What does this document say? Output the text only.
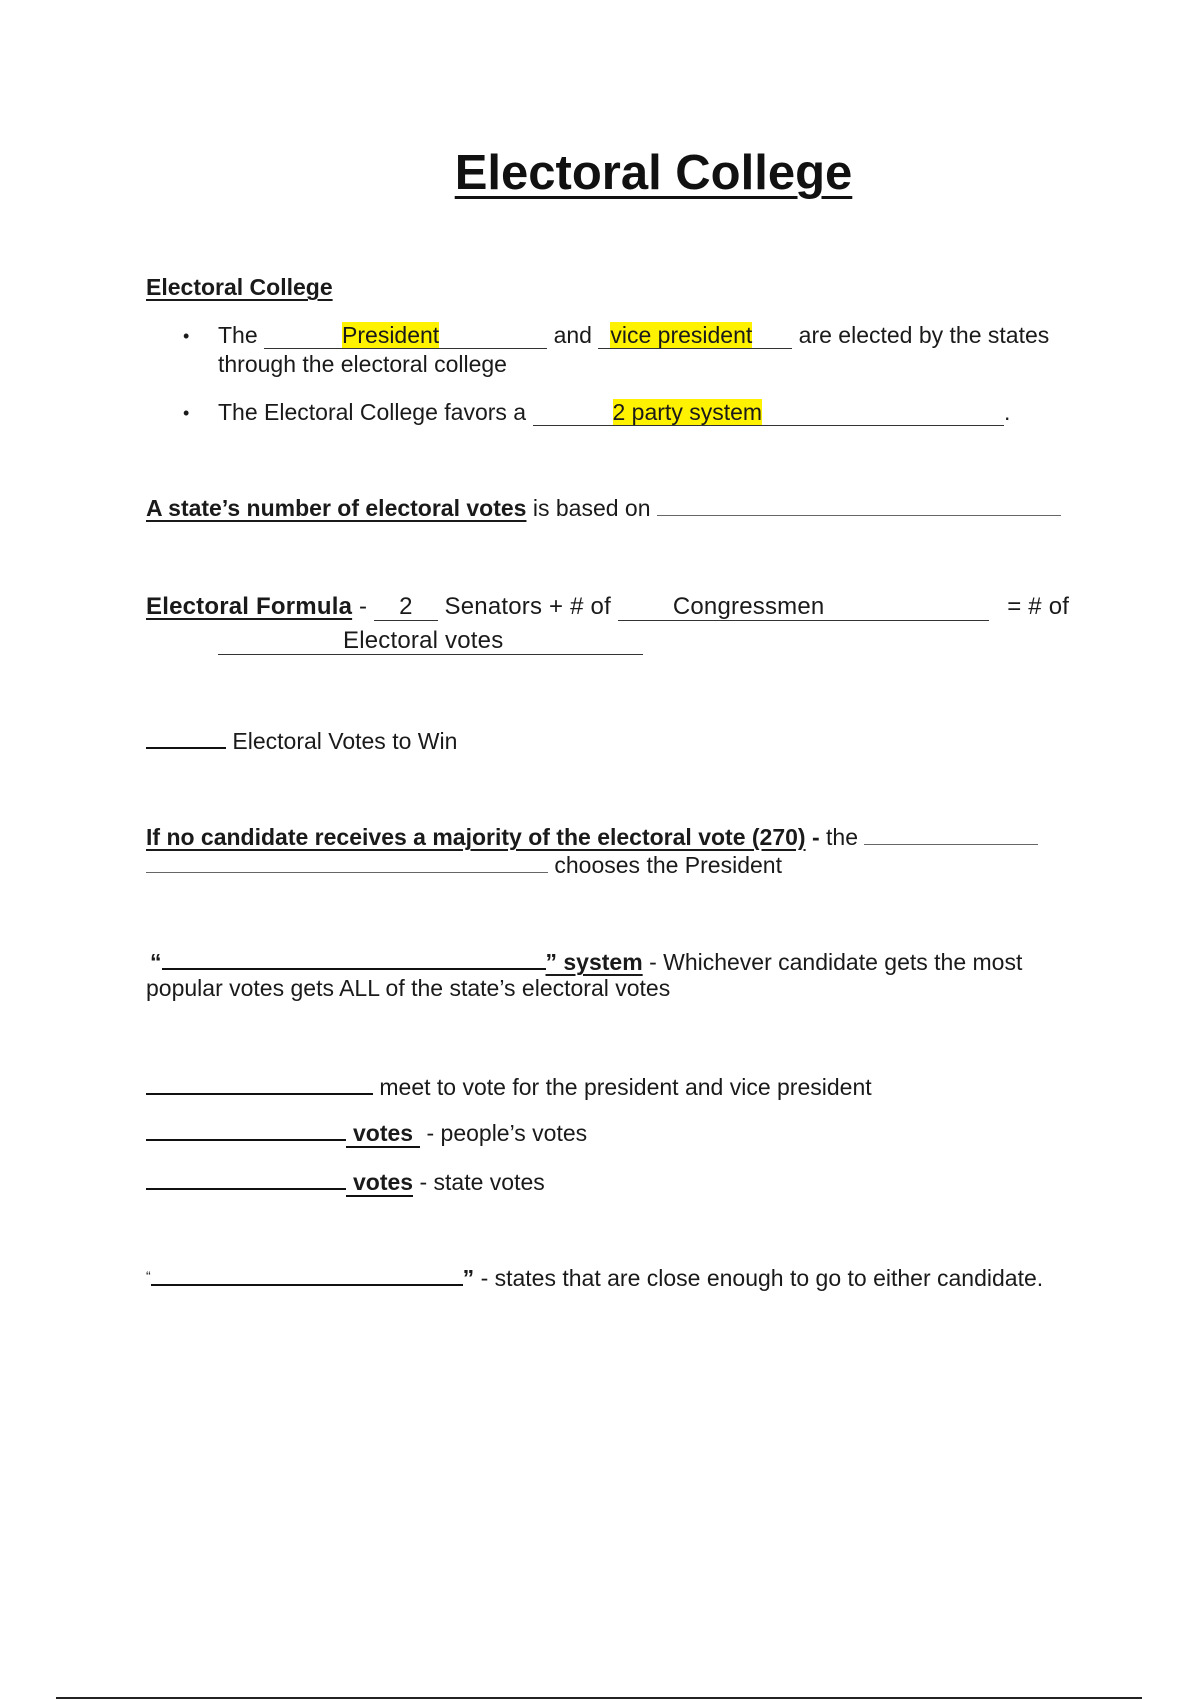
Electoral College
Electoral College
• The	President	and vice president are elected by the states
through the electoral college
• The Electoral College favors a	2 party system	.
A state’s number of electoral votes is based on
Electoral Formula - 2 Senators + # of	Congressmen	= # of
Electoral votes
Electoral Votes to Win
If no candidate receives a majority of the electoral vote (270) - the
chooses the President
“	” system - Whichever candidate gets the most
popular votes gets ALL of the state’s electoral votes
meet to vote for the president and vice president
votes - people’s votes
votes - state votes
“	” - states that are close enough to go to either candidate.
